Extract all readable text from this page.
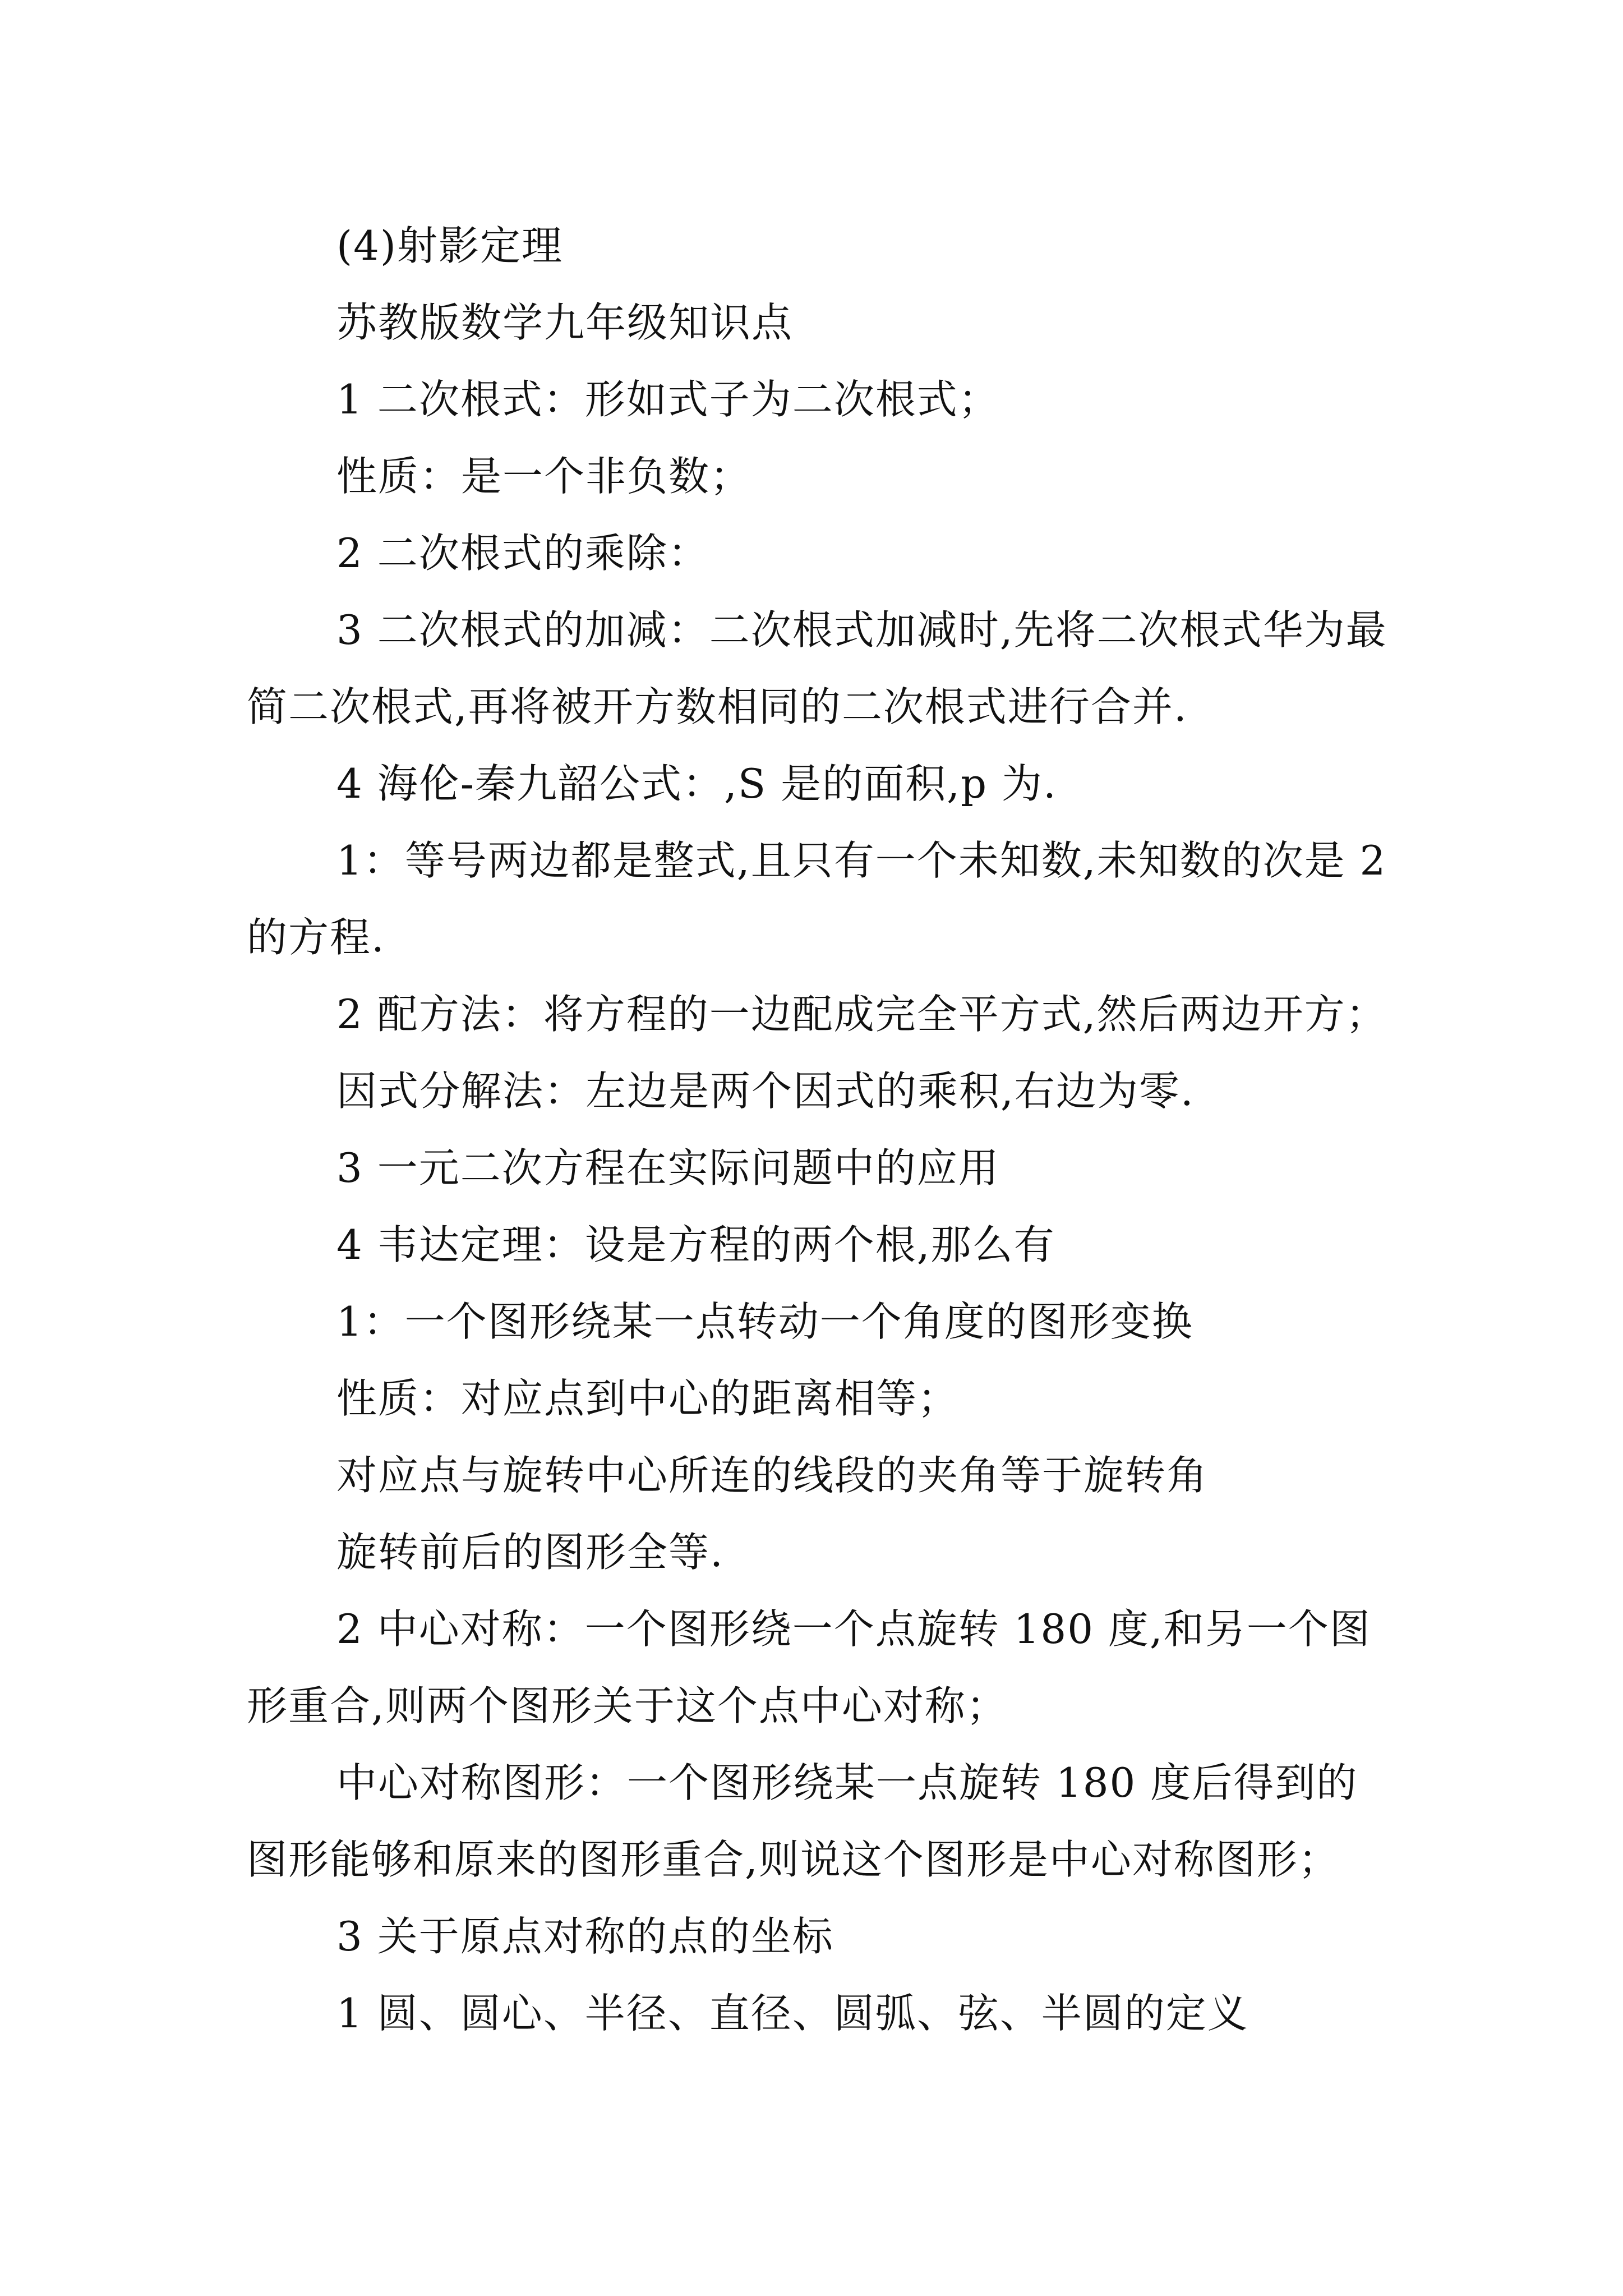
(4)射影定理

苏教版数学九年级知识点

1 二次根式：形如式子为二次根式；

性质：是一个非负数；

2 二次根式的乘除：

3 二次根式的加减：二次根式加减时,先将二次根式华为最简二次根式,再将被开方数相同的二次根式进行合并.

4 海伦-秦九韶公式：,S 是的面积,p 为.

1：等号两边都是整式,且只有一个未知数,未知数的次是 2 的方程.

2 配方法：将方程的一边配成完全平方式,然后两边开方；

因式分解法：左边是两个因式的乘积,右边为零.

3 一元二次方程在实际问题中的应用

4 韦达定理：设是方程的两个根,那么有

1：一个图形绕某一点转动一个角度的图形变换

性质：对应点到中心的距离相等；

对应点与旋转中心所连的线段的夹角等于旋转角

旋转前后的图形全等.

2 中心对称：一个图形绕一个点旋转 180 度,和另一个图形重合,则两个图形关于这个点中心对称；

中心对称图形：一个图形绕某一点旋转 180 度后得到的图形能够和原来的图形重合,则说这个图形是中心对称图形；

3 关于原点对称的点的坐标

1 圆、圆心、半径、直径、圆弧、弦、半圆的定义
